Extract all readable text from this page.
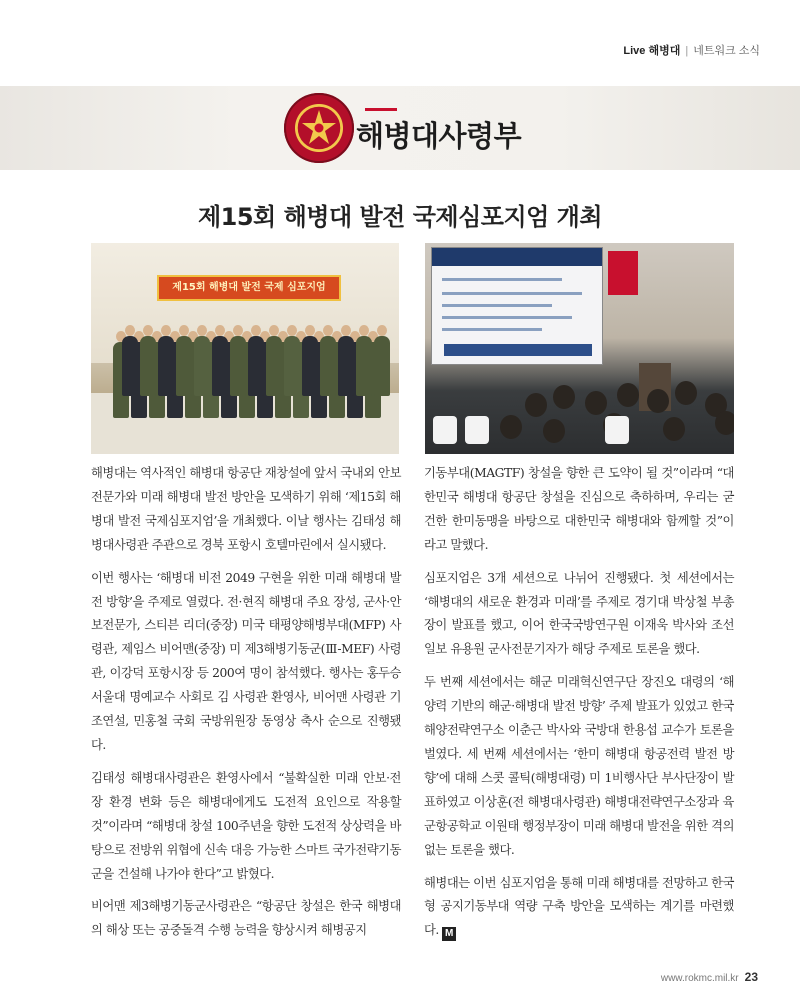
Live 해병대 | 네트워크 소식
해병대사령부
제15회 해병대 발전 국제심포지엄 개최
제15회 해병대 발전 국제 심포지엄

해병대는 역사적인 해병대 항공단 재창설에 앞서 국내외 안보전문가와 미래 해병대 발전 방안을 모색하기 위해 ‘제15회 해병대 발전 국제심포지엄’을 개최했다. 이날 행사는 김태성 해병대사령관 주관으로 경북 포항시 호텔마린에서 실시됐다.

이번 행사는 ‘해병대 비전 2049 구현을 위한 미래 해병대 발전 방향’을 주제로 열렸다. 전·현직 해병대 주요 장성, 군사·안보전문가, 스티븐 리더(중장) 미국 태평양해병부대(MFP) 사령관, 제임스 비어맨(중장) 미 제3해병기동군(Ⅲ-MEF) 사령관, 이강덕 포항시장 등 200여 명이 참석했다. 행사는 홍두승 서울대 명예교수 사회로 김 사령관 환영사, 비어맨 사령관 기조연설, 민홍철 국회 국방위원장 동영상 축사 순으로 진행됐다.

김태성 해병대사령관은 환영사에서 “불확실한 미래 안보·전장 환경 변화 등은 해병대에게도 도전적 요인으로 작용할 것”이라며 “해병대 창설 100주년을 향한 도전적 상상력을 바탕으로 전방위 위협에 신속 대응 가능한 스마트 국가전략기동군을 건설해 나가야 한다”고 밝혔다.

비어맨 제3해병기동군사령관은 “항공단 창설은 한국 해병대의 해상 또는 공중돌격 수행 능력을 향상시켜 해병공지

기동부대(MAGTF) 창설을 향한 큰 도약이 될 것”이라며 “대한민국 해병대 항공단 창설을 진심으로 축하하며, 우리는 굳건한 한미동맹을 바탕으로 대한민국 해병대와 함께할 것”이라고 말했다.

심포지엄은 3개 세션으로 나뉘어 진행됐다. 첫 세션에서는 ‘해병대의 새로운 환경과 미래’를 주제로 경기대 박상철 부총장이 발표를 했고, 이어 한국국방연구원 이재욱 박사와 조선일보 유용원 군사전문기자가 해당 주제로 토론을 했다.

두 번째 세션에서는 해군 미래혁신연구단 장진오 대령의 ‘해양력 기반의 해군·해병대 발전 방향’ 주제 발표가 있었고 한국해양전략연구소 이춘근 박사와 국방대 한용섭 교수가 토론을 벌였다. 세 번째 세션에서는 ‘한미 해병대 항공전력 발전 방향’에 대해 스콧 콜틱(해병대령) 미 1비행사단 부사단장이 발표하였고 이상훈(전 해병대사령관) 해병대전략연구소장과 육군항공학교 이원태 행정부장이 미래 해병대 발전을 위한 격의 없는 토론을 했다.

해병대는 이번 심포지엄을 통해 미래 해병대를 전망하고 한국형 공지기동부대 역량 구축 방안을 모색하는 계기를 마련했다. M

www.rokmc.mil.kr 23
